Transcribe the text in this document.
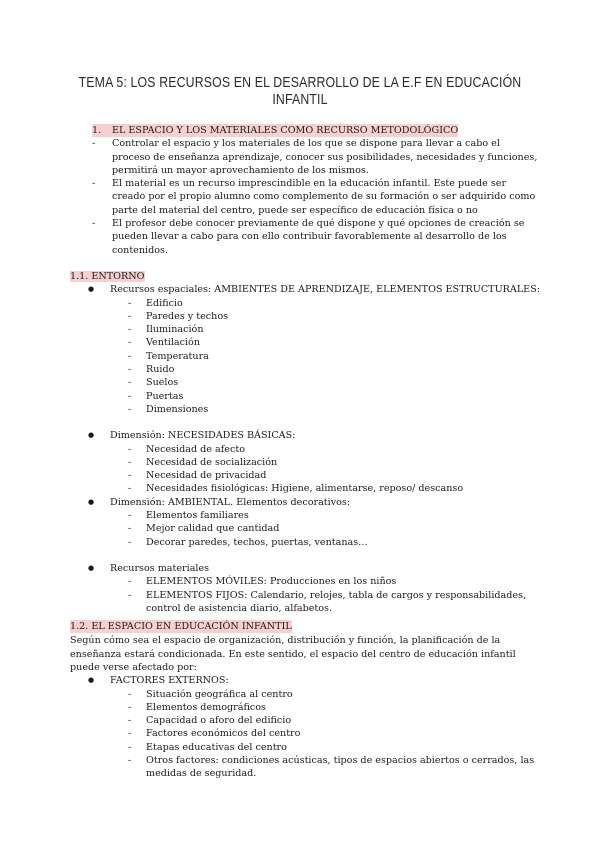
TEMA 5: LOS RECURSOS EN EL DESARROLLO DE LA E.F EN EDUCACIÓN INFANTIL
1.	EL ESPACIO Y LOS MATERIALES COMO RECURSO METODOLÓGICO
- Controlar el espacio y los materiales de los que se dispone para llevar a cabo el proceso de enseñanza aprendizaje, conocer sus posibilidades, necesidades y funciones, permitirá un mayor aprovechamiento de los mismos.
- El material es un recurso imprescindible en la educación infantil. Este puede ser creado por el propio alumno como complemento de su formación o ser adquirido como parte del material del centro, puede ser específico de educación física o no
- El profesor debe conocer previamente de qué dispone y qué opciones de creación se pueden llevar a cabo para con ello contribuir favorablemente al desarrollo de los contenidos.
1.1. ENTORNO
● Recursos espaciales: AMBIENTES DE APRENDIZAJE, ELEMENTOS ESTRUCTURALES:
- Edificio
- Paredes y techos
- Iluminación
- Ventilación
- Temperatura
- Ruido
- Suelos
- Puertas
- Dimensiones
● Dimensión: NECESIDADES BÁSICAS:
- Necesidad de afecto
- Necesidad de socialización
- Necesidad de privacidad
- Necesidades fisiológicas: Higiene, alimentarse, reposo/ descanso
● Dimensión: AMBIENTAL. Elementos decorativos:
- Elementos familiares
- Mejor calidad que cantidad
- Decorar paredes, techos, puertas, ventanas…
● Recursos materiales
- ELEMENTOS MÓVILES: Producciones en los niños
- ELEMENTOS FIJOS: Calendario, relojes, tabla de cargos y responsabilidades, control de asistencia diario, alfabetos.
1.2. EL ESPACIO EN EDUCACIÓN INFANTIL
Según cómo sea el espacio de organización, distribución y función, la planificación de la enseñanza estará condicionada. En este sentido, el espacio del centro de educación infantil puede verse afectado por:
● FACTORES EXTERNOS:
- Situación geográfica al centro
- Elementos demográficos
- Capacidad o aforo del edificio
- Factores económicos del centro
- Etapas educativas del centro
- Otros factores: condiciones acústicas, tipos de espacios abiertos o cerrados, las medidas de seguridad.
